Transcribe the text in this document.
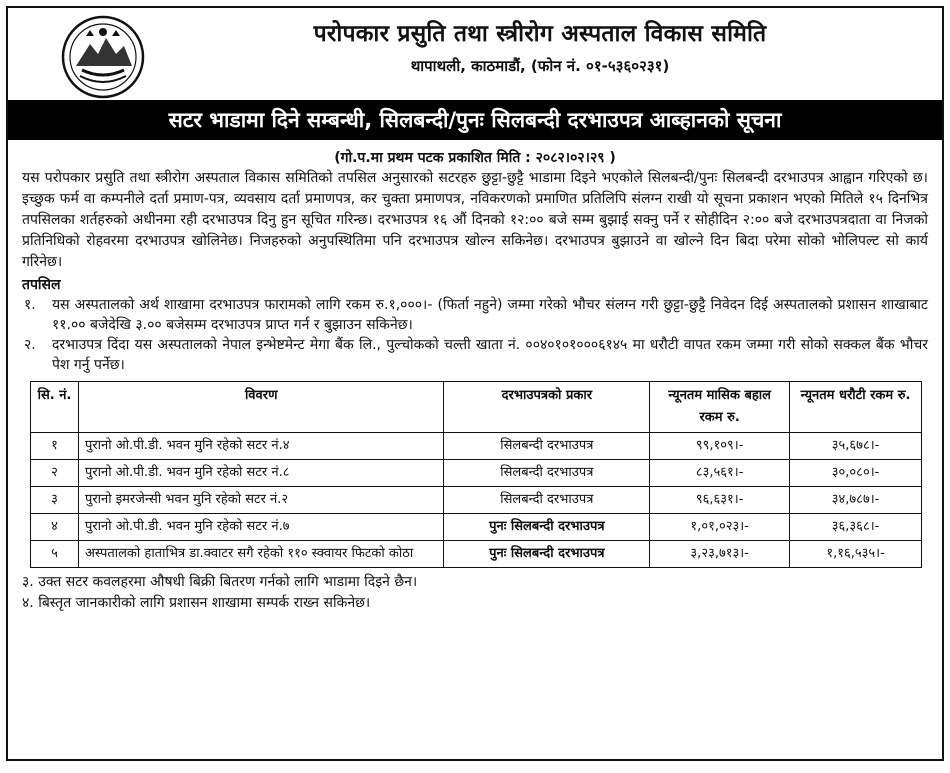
परोपकार प्रसुति तथा स्त्रीरोग अस्पताल विकास समिति
थापाथली, काठमाडौं, (फोन नं. ०१-५३६०२३१)
सटर भाडामा दिने सम्बन्धी, सिलबन्दी/पुनः सिलबन्दी दरभाउपत्र आब्हानको सूचना
(गो.प.मा प्रथम पटक प्रकाशित मिति : २०८२।०२।२९ )
यस परोपकार प्रसुति तथा स्त्रीरोग अस्पताल विकास समितिको तपसिल अनुसारको सटरहरु छुट्टा-छुट्टै भाडामा दिइने भएकोले सिलबन्दी/पुनः सिलबन्दी दरभाउपत्र आह्वान गरिएको छ। इच्छुक फर्म वा कम्पनीले दर्ता प्रमाण-पत्र, व्यवसाय दर्ता प्रमाणपत्र, कर चुक्ता प्रमाणपत्र, नविकरणको प्रमाणित प्रतिलिपि संलग्न राखी यो सूचना प्रकाशन भएको मितिले १५ दिनभित्र तपसिलका शर्तहरुको अधीनमा रही दरभाउपत्र दिनु हुन सूचित गरिन्छ। दरभाउपत्र १६ औं दिनको १२:०० बजे सम्म बुझाई सक्नु पर्ने र सोहीदिन २:०० बजे दरभाउपत्रदाता वा निजको प्रतिनिधिको रोहवरमा दरभाउपत्र खोलिनेछ। निजहरुको अनुपस्थितिमा पनि दरभाउपत्र खोल्न सकिनेछ। दरभाउपत्र बुझाउने वा खोल्ने दिन बिदा परेमा सोको भोलिपल्ट सो कार्य गरिनेछ।
तपसिल
१. यस अस्पतालको अर्थ शाखामा दरभाउपत्र फारामको लागि रकम रु.१,०००।- (फिर्ता नहुने) जम्मा गरेको भौचर संलग्न गरी छुट्टा-छुट्टै निवेदन दिई अस्पतालको प्रशासन शाखाबाट ११.०० बजेदेखि ३.०० बजेसम्म दरभाउपत्र प्राप्त गर्न र बुझाउन सकिनेछ।
२. दरभाउपत्र दिंदा यस अस्पतालको नेपाल इन्भेष्टमेन्ट मेगा बैंक लि., पुल्चोकको चल्ती खाता नं. ००४०१०१०००६१४५ मा धरौटी वापत रकम जम्मा गरी सोको सक्कल बैंक भौचर पेश गर्नु पर्नेछ।
सि. नं.	विवरण	दरभाउपत्रको प्रकार	न्यूनतम मासिक बहाल रकम रु.	न्यूनतम धरौटी रकम रु.
१	पुरानो ओ.पी.डी. भवन मुनि रहेको सटर नं.४	सिलबन्दी दरभाउपत्र	९९,१०९।-	३५,६७८।-
२	पुरानो ओ.पी.डी. भवन मुनि रहेको सटर नं.८	सिलबन्दी दरभाउपत्र	८३,५६१।-	३०,०८०।-
३	पुरानो इमरजेन्सी भवन मुनि रहेको सटर नं.२	सिलबन्दी दरभाउपत्र	९६,६३१।-	३४,७८७।-
४	पुरानो ओ.पी.डी. भवन मुनि रहेको सटर नं.७	पुनः सिलबन्दी दरभाउपत्र	१,०१,०२३।-	३६,३६८।-
५	अस्पतालको हाताभित्र डा.क्वाटर सगै रहेको ११० स्क्वायर फिटको कोठा	पुनः सिलबन्दी दरभाउपत्र	३,२३,७१३।-	१,१६,५३५।-
३. उक्त सटर कवलहरमा औषधी बिक्री बितरण गर्नको लागि भाडामा दिइने छैन।
४. बिस्तृत जानकारीको लागि प्रशासन शाखामा सम्पर्क राख्न सकिनेछ।
